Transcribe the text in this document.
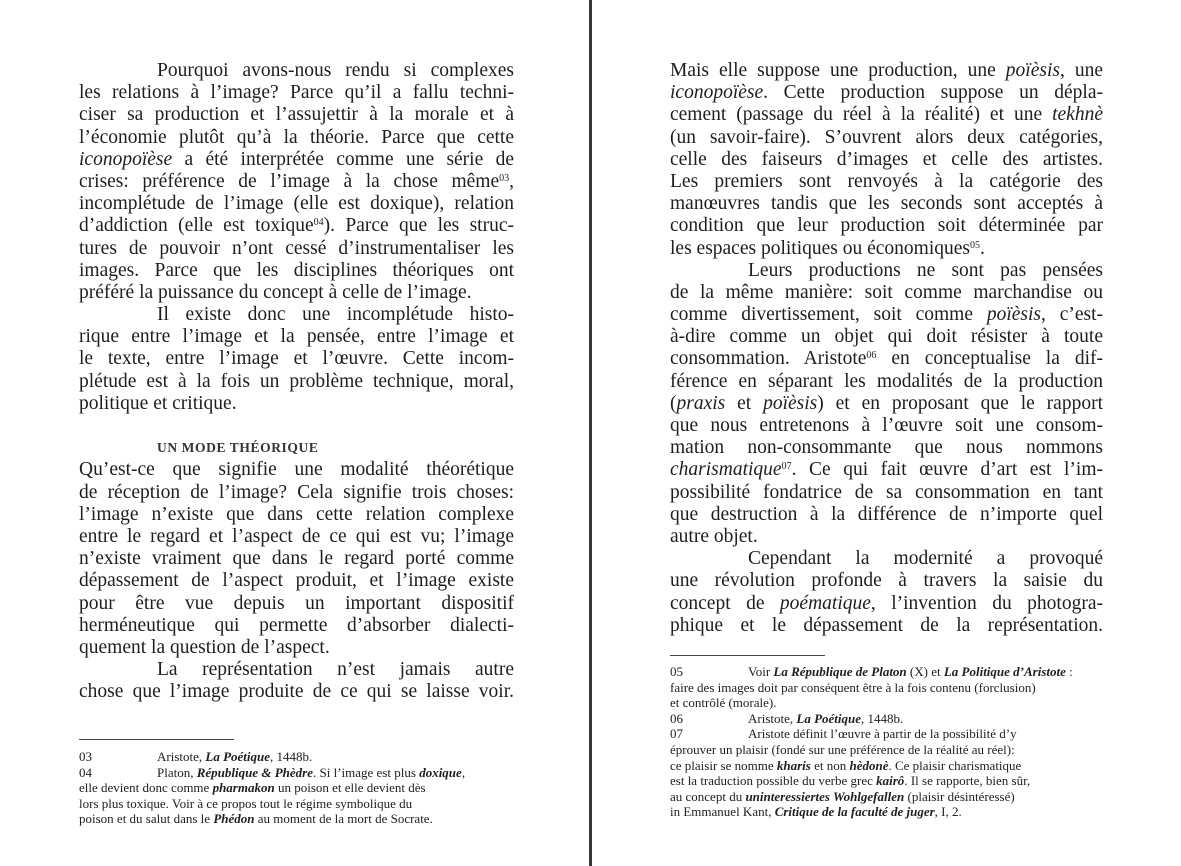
Pourquoi avons-nous rendu si complexes
les relations à l’image? Parce qu’il a fallu techni-
ciser sa production et l’assujettir à la morale et à
l’économie plutôt qu’à la théorie. Parce que cette
iconopoïèse a été interprétée comme une série de
crises: préférence de l’image à la chose même$^{03}$,
incomplétude de l’image (elle est doxique), relation
d’addiction (elle est toxique$^{04}$). Parce que les struc-
tures de pouvoir n’ont cessé d’instrumentaliser les
images. Parce que les disciplines théoriques ont
préféré la puissance du concept à celle de l’image.
Il existe donc une incomplétude histo-
rique entre l’image et la pensée, entre l’image et
le texte, entre l’image et l’œuvre. Cette incom-
plétude est à la fois un problème technique, moral,
politique et critique.
UN MODE THÉORIQUE
Qu’est-ce que signifie une modalité théorétique
de réception de l’image? Cela signifie trois choses:
l’image n’existe que dans cette relation complexe
entre le regard et l’aspect de ce qui est vu; l’image
n’existe vraiment que dans le regard porté comme
dépassement de l’aspect produit, et l’image existe
pour être vue depuis un important dispositif
herméneutique qui permette d’absorber dialecti-
quement la question de l’aspect.
La représentation n’est jamais autre
chose que l’image produite de ce qui se laisse voir.
03	Aristote, La Poétique, 1448b.
04	Platon, République & Phèdre. Si l’image est plus doxique,
elle devient donc comme pharmakon un poison et elle devient dès
lors plus toxique. Voir à ce propos tout le régime symbolique du
poison et du salut dans le Phédon au moment de la mort de Socrate.
Mais elle suppose une production, une poïèsis, une
iconopoïèse. Cette production suppose un dépla-
cement (passage du réel à la réalité) et une tekhnè
(un savoir-faire). S’ouvrent alors deux catégories,
celle des faiseurs d’images et celle des artistes.
Les premiers sont renvoyés à la catégorie des
manœuvres tandis que les seconds sont acceptés à
condition que leur production soit déterminée par
les espaces politiques ou économiques$^{05}$.
Leurs productions ne sont pas pensées
de la même manière: soit comme marchandise ou
comme divertissement, soit comme poïèsis, c’est-
à-dire comme un objet qui doit résister à toute
consommation. Aristote$^{06}$ en conceptualise la dif-
férence en séparant les modalités de la production
(praxis et poïèsis) et en proposant que le rapport
que nous entretenons à l’œuvre soit une consom-
mation non-consommante que nous nommons
charismatique$^{07}$. Ce qui fait œuvre d’art est l’im-
possibilité fondatrice de sa consommation en tant
que destruction à la différence de n’importe quel
autre objet.
Cependant la modernité a provoqué
une révolution profonde à travers la saisie du
concept de poématique, l’invention du photogra-
phique et le dépassement de la représentation.
05	Voir La République de Platon (X) et La Politique d’Aristote :
faire des images doit par conséquent être à la fois contenu (forclusion)
et contrôlé (morale).
06	Aristote, La Poétique, 1448b.
07	Aristote définit l’œuvre à partir de la possibilité d’y
éprouver un plaisir (fondé sur une préférence de la réalité au réel):
ce plaisir se nomme kharis et non hèdonè. Ce plaisir charismatique
est la traduction possible du verbe grec kairô. Il se rapporte, bien sûr,
au concept du uninteressiertes Wohlgefallen (plaisir désintéressé)
in Emmanuel Kant, Critique de la faculté de juger, I, 2.
